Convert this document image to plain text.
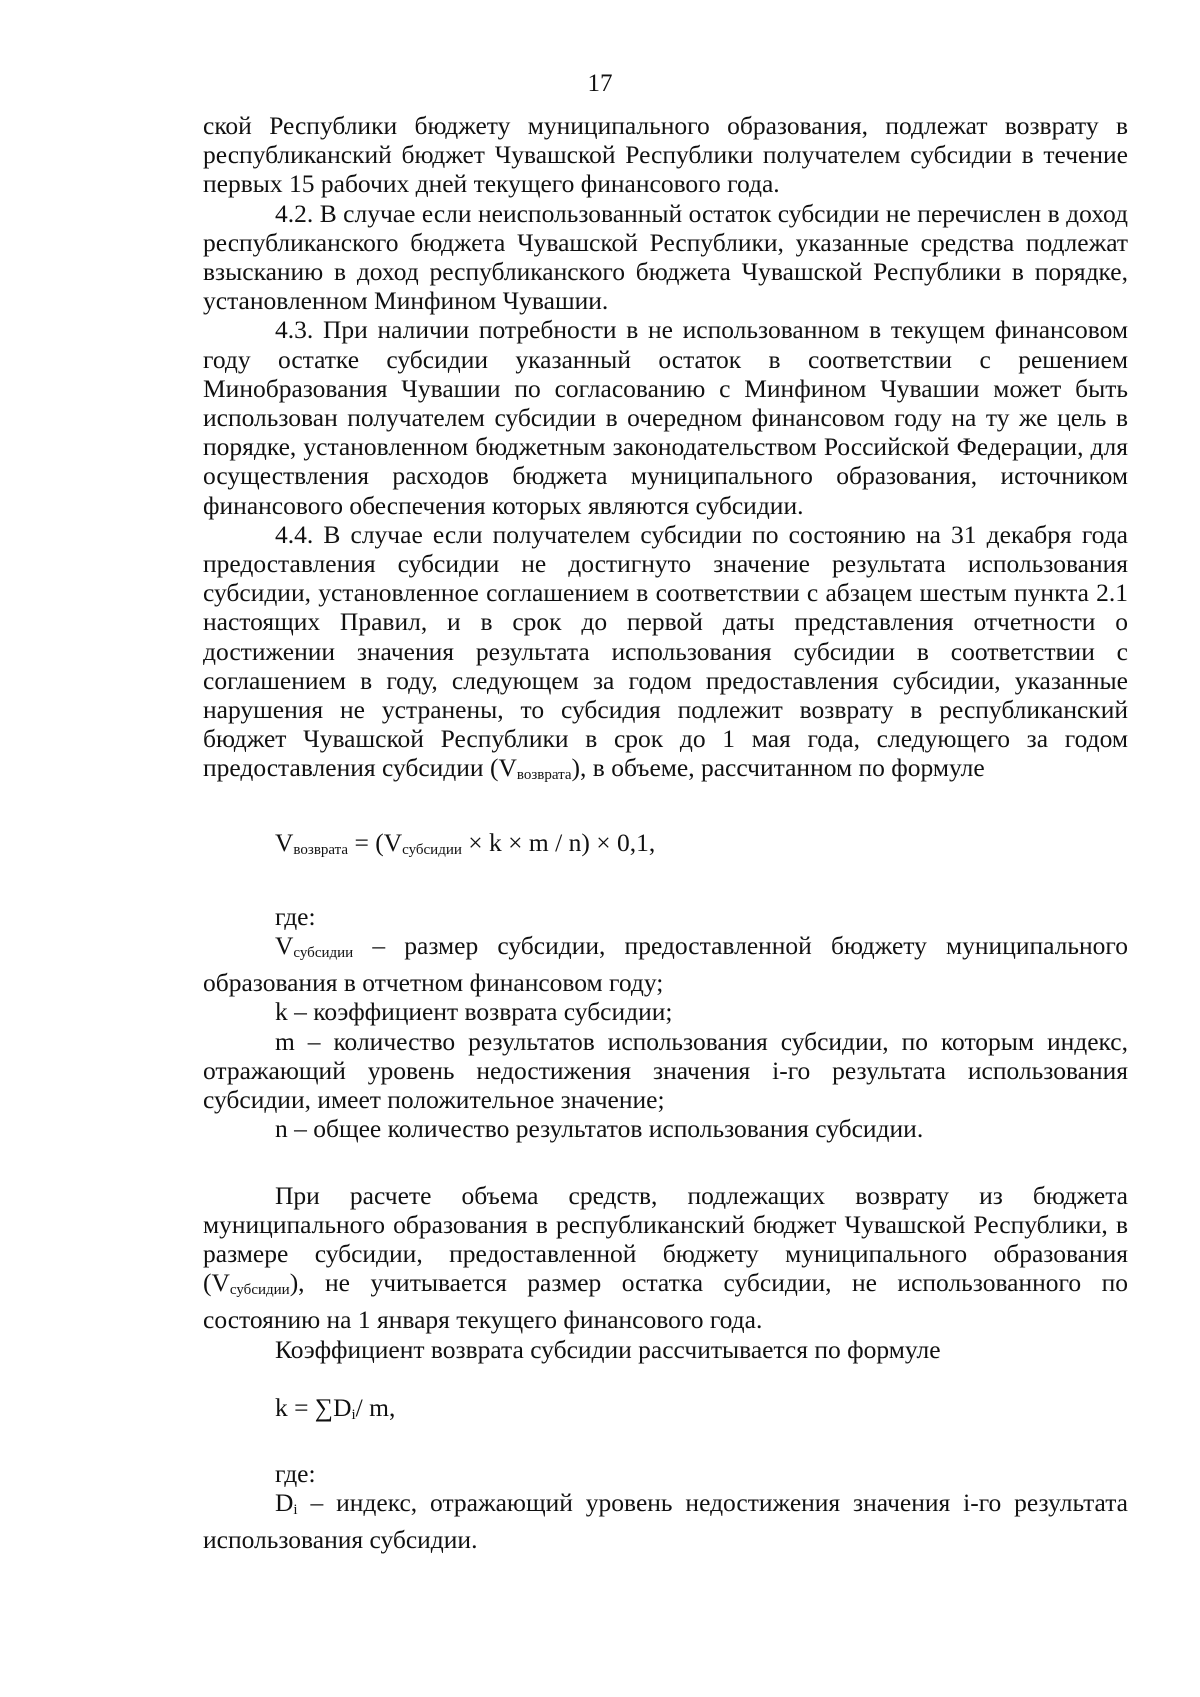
17

ской Республики бюджету муниципального образования, подлежат возврату в республиканский бюджет Чувашской Республики получателем субсидии в течение первых 15 рабочих дней текущего финансового года.

4.2. В случае если неиспользованный остаток субсидии не перечислен в доход республиканского бюджета Чувашской Республики, указанные средства подлежат взысканию в доход республиканского бюджета Чувашской Республики в порядке, установленном Минфином Чувашии.

4.3. При наличии потребности в не использованном в текущем финансовом году остатке субсидии указанный остаток в соответствии с решением Минобразования Чувашии по согласованию с Минфином Чувашии может быть использован получателем субсидии в очередном финансовом году на ту же цель в порядке, установленном бюджетным законодательством Российской Федерации, для осуществления расходов бюджета муниципального образования, источником финансового обеспечения которых являются субсидии.

4.4. В случае если получателем субсидии по состоянию на 31 декабря года предоставления субсидии не достигнуто значение результата использования субсидии, установленное соглашением в соответствии с абзацем шестым пункта 2.1 настоящих Правил, и в срок до первой даты представления отчетности о достижении значения результата использования субсидии в соответствии с соглашением в году, следующем за годом предоставления субсидии, указанные нарушения не устранены, то субсидия подлежит возврату в республиканский бюджет Чувашской Республики в срок до 1 мая года, следующего за годом предоставления субсидии $(V_{возврата})$, в объеме, рассчитанном по формуле

$V_{возврата} = (V_{субсидии} \times k \times m / n) \times 0,1$,
где:

$V_{субсидии}$ – размер субсидии, предоставленной бюджету муниципального образования в отчетном финансовом году;

k – коэффициент возврата субсидии;

m – количество результатов использования субсидии, по которым индекс, отражающий уровень недостижения значения i-го результата использования субсидии, имеет положительное значение;

n – общее количество результатов использования субсидии.

При расчете объема средств, подлежащих возврату из бюджета муниципального образования в республиканский бюджет Чувашской Республики, в размере субсидии, предоставленной бюджету муниципального образования $(V_{субсидии})$, не учитывается размер остатка субсидии, не использованного по состоянию на 1 января текущего финансового года.

Коэффициент возврата субсидии рассчитывается по формуле

$k = \sum D_i/$ m,
где:

$D_i$ – индекс, отражающий уровень недостижения значения i-го результата использования субсидии.
